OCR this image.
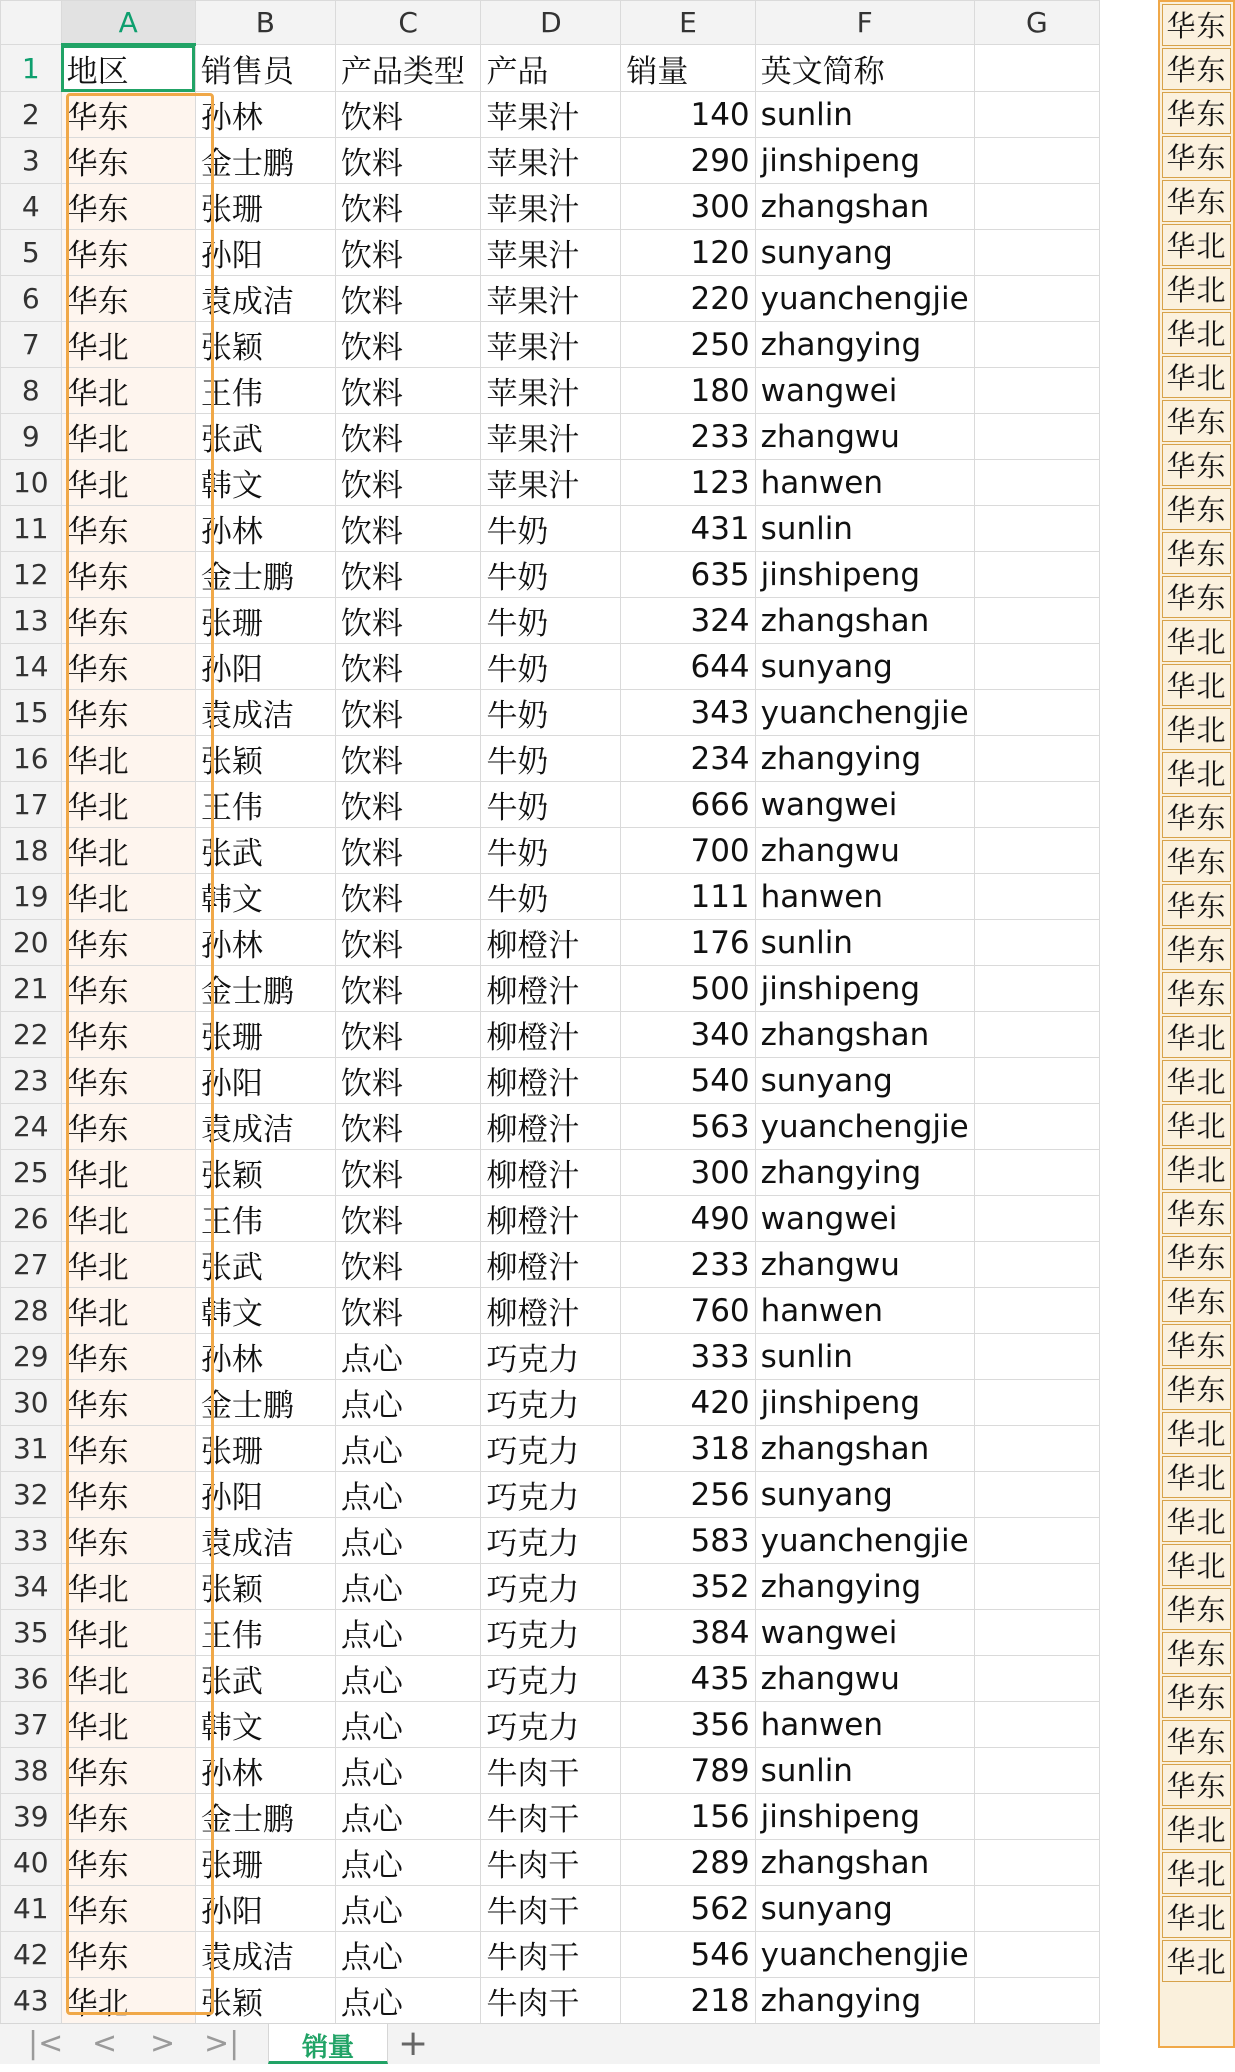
	A	B	C	D	E	F	G
1	地区	销售员	产品类型	产品	销量	英文简称	
2	华东	孙林	饮料	苹果汁	140	sunlin	
3	华东	金士鹏	饮料	苹果汁	290	jinshipeng	
4	华东	张珊	饮料	苹果汁	300	zhangshan	
5	华东	孙阳	饮料	苹果汁	120	sunyang	
6	华东	袁成洁	饮料	苹果汁	220	yuanchengjie	
7	华北	张颖	饮料	苹果汁	250	zhangying	
8	华北	王伟	饮料	苹果汁	180	wangwei	
9	华北	张武	饮料	苹果汁	233	zhangwu	
10	华北	韩文	饮料	苹果汁	123	hanwen	
11	华东	孙林	饮料	牛奶	431	sunlin	
12	华东	金士鹏	饮料	牛奶	635	jinshipeng	
13	华东	张珊	饮料	牛奶	324	zhangshan	
14	华东	孙阳	饮料	牛奶	644	sunyang	
15	华东	袁成洁	饮料	牛奶	343	yuanchengjie	
16	华北	张颖	饮料	牛奶	234	zhangying	
17	华北	王伟	饮料	牛奶	666	wangwei	
18	华北	张武	饮料	牛奶	700	zhangwu	
19	华北	韩文	饮料	牛奶	111	hanwen	
20	华东	孙林	饮料	柳橙汁	176	sunlin	
21	华东	金士鹏	饮料	柳橙汁	500	jinshipeng	
22	华东	张珊	饮料	柳橙汁	340	zhangshan	
23	华东	孙阳	饮料	柳橙汁	540	sunyang	
24	华东	袁成洁	饮料	柳橙汁	563	yuanchengjie	
25	华北	张颖	饮料	柳橙汁	300	zhangying	
26	华北	王伟	饮料	柳橙汁	490	wangwei	
27	华北	张武	饮料	柳橙汁	233	zhangwu	
28	华北	韩文	饮料	柳橙汁	760	hanwen	
29	华东	孙林	点心	巧克力	333	sunlin	
30	华东	金士鹏	点心	巧克力	420	jinshipeng	
31	华东	张珊	点心	巧克力	318	zhangshan	
32	华东	孙阳	点心	巧克力	256	sunyang	
33	华东	袁成洁	点心	巧克力	583	yuanchengjie	
34	华北	张颖	点心	巧克力	352	zhangying	
35	华北	王伟	点心	巧克力	384	wangwei	
36	华北	张武	点心	巧克力	435	zhangwu	
37	华北	韩文	点心	巧克力	356	hanwen	
38	华东	孙林	点心	牛肉干	789	sunlin	
39	华东	金士鹏	点心	牛肉干	156	jinshipeng	
40	华东	张珊	点心	牛肉干	289	zhangshan	
41	华东	孙阳	点心	牛肉干	562	sunyang	
42	华东	袁成洁	点心	牛肉干	546	yuanchengjie	
43	华北	张颖	点心	牛肉干	218	zhangying	

|< < > >|	销量	+
华东
华东
华东
华东
华东
华北
华北
华北
华北
华东
华东
华东
华东
华东
华北
华北
华北
华北
华东
华东
华东
华东
华东
华北
华北
华北
华北
华东
华东
华东
华东
华东
华北
华北
华北
华北
华东
华东
华东
华东
华东
华北
华北
华北
华北
